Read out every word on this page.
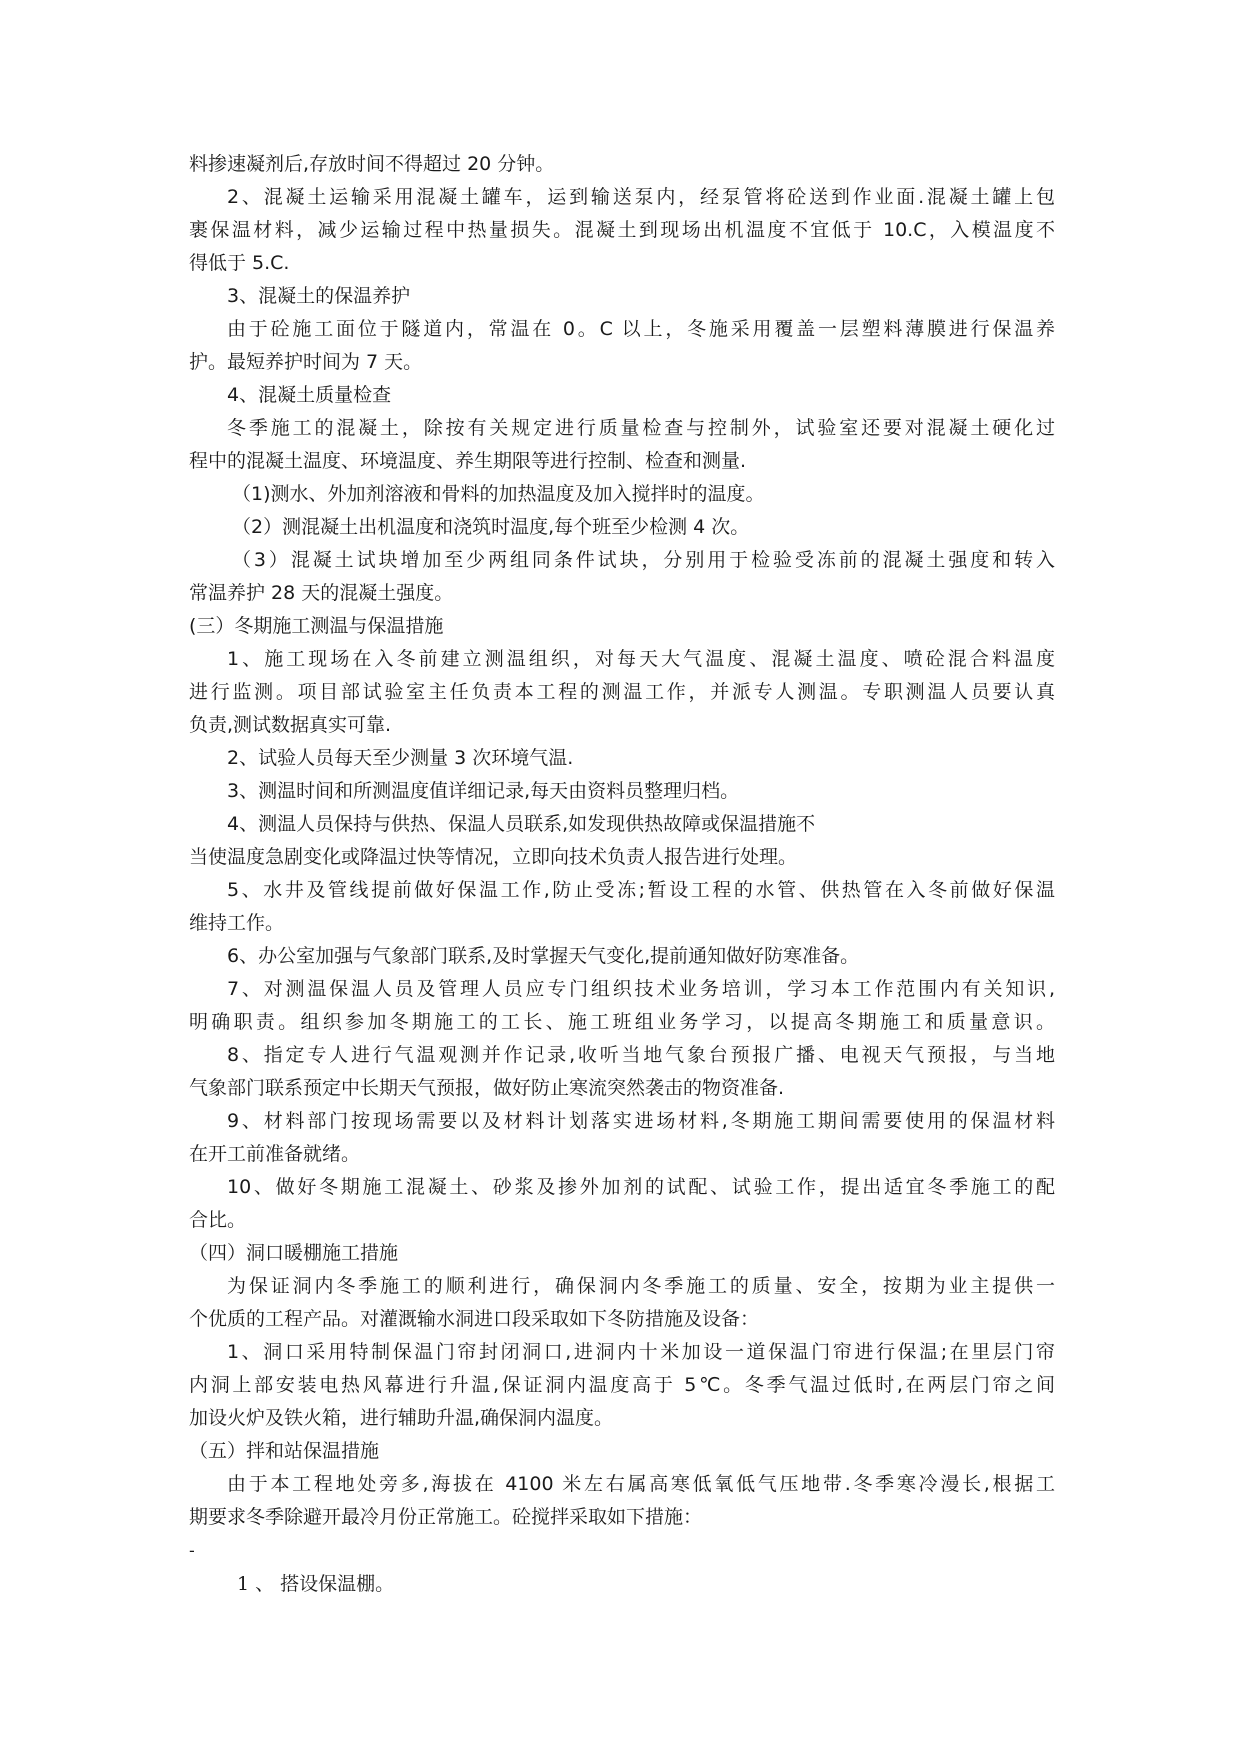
料掺速凝剂后,存放时间不得超过 20 分钟。
2、混凝土运输采用混凝土罐车，运到输送泵内，经泵管将砼送到作业面.混凝土罐上包
裹保温材料，减少运输过程中热量损失。混凝土到现场出机温度不宜低于 10.C，入模温度不
得低于 5.C.
3、混凝土的保温养护
由于砼施工面位于隧道内，常温在 0。C 以上，冬施采用覆盖一层塑料薄膜进行保温养
护。最短养护时间为 7 天。
4、混凝土质量检查
冬季施工的混凝土，除按有关规定进行质量检查与控制外，试验室还要对混凝土硬化过
程中的混凝土温度、环境温度、养生期限等进行控制、检查和测量.
（1)测水、外加剂溶液和骨料的加热温度及加入搅拌时的温度。
（2）测混凝土出机温度和浇筑时温度,每个班至少检测 4 次。
（3）混凝土试块增加至少两组同条件试块，分别用于检验受冻前的混凝土强度和转入
常温养护 28 天的混凝土强度。
(三）冬期施工测温与保温措施
1、施工现场在入冬前建立测温组织，对每天大气温度、混凝土温度、喷砼混合料温度
进行监测。项目部试验室主任负责本工程的测温工作，并派专人测温。专职测温人员要认真
负责,测试数据真实可靠.
2、试验人员每天至少测量 3 次环境气温.
3、测温时间和所测温度值详细记录,每天由资料员整理归档。
4、测温人员保持与供热、保温人员联系,如发现供热故障或保温措施不
当使温度急剧变化或降温过快等情况，立即向技术负责人报告进行处理。
5、水井及管线提前做好保温工作,防止受冻;暂设工程的水管、供热管在入冬前做好保温
维持工作。
6、办公室加强与气象部门联系,及时掌握天气变化,提前通知做好防寒准备。
7、对测温保温人员及管理人员应专门组织技术业务培训，学习本工作范围内有关知识,
明确职责。组织参加冬期施工的工长、施工班组业务学习，以提高冬期施工和质量意识。
8、指定专人进行气温观测并作记录,收听当地气象台预报广播、电视天气预报，与当地
气象部门联系预定中长期天气预报，做好防止寒流突然袭击的物资准备.
9、材料部门按现场需要以及材料计划落实进场材料,冬期施工期间需要使用的保温材料
在开工前准备就绪。
10、做好冬期施工混凝土、砂浆及掺外加剂的试配、试验工作，提出适宜冬季施工的配
合比。
（四）洞口暖棚施工措施
为保证洞内冬季施工的顺利进行，确保洞内冬季施工的质量、安全，按期为业主提供一
个优质的工程产品。对灌溉输水洞进口段采取如下冬防措施及设备：
1、洞口采用特制保温门帘封闭洞口,进洞内十米加设一道保温门帘进行保温;在里层门帘
内洞上部安装电热风幕进行升温,保证洞内温度高于 5℃。冬季气温过低时,在两层门帘之间
加设火炉及铁火箱，进行辅助升温,确保洞内温度。
（五）拌和站保温措施
由于本工程地处旁多,海拔在 4100 米左右属高寒低氧低气压地带.冬季寒冷漫长,根据工
期要求冬季除避开最冷月份正常施工。砼搅拌采取如下措施：
-
1 、 搭设保温棚。
